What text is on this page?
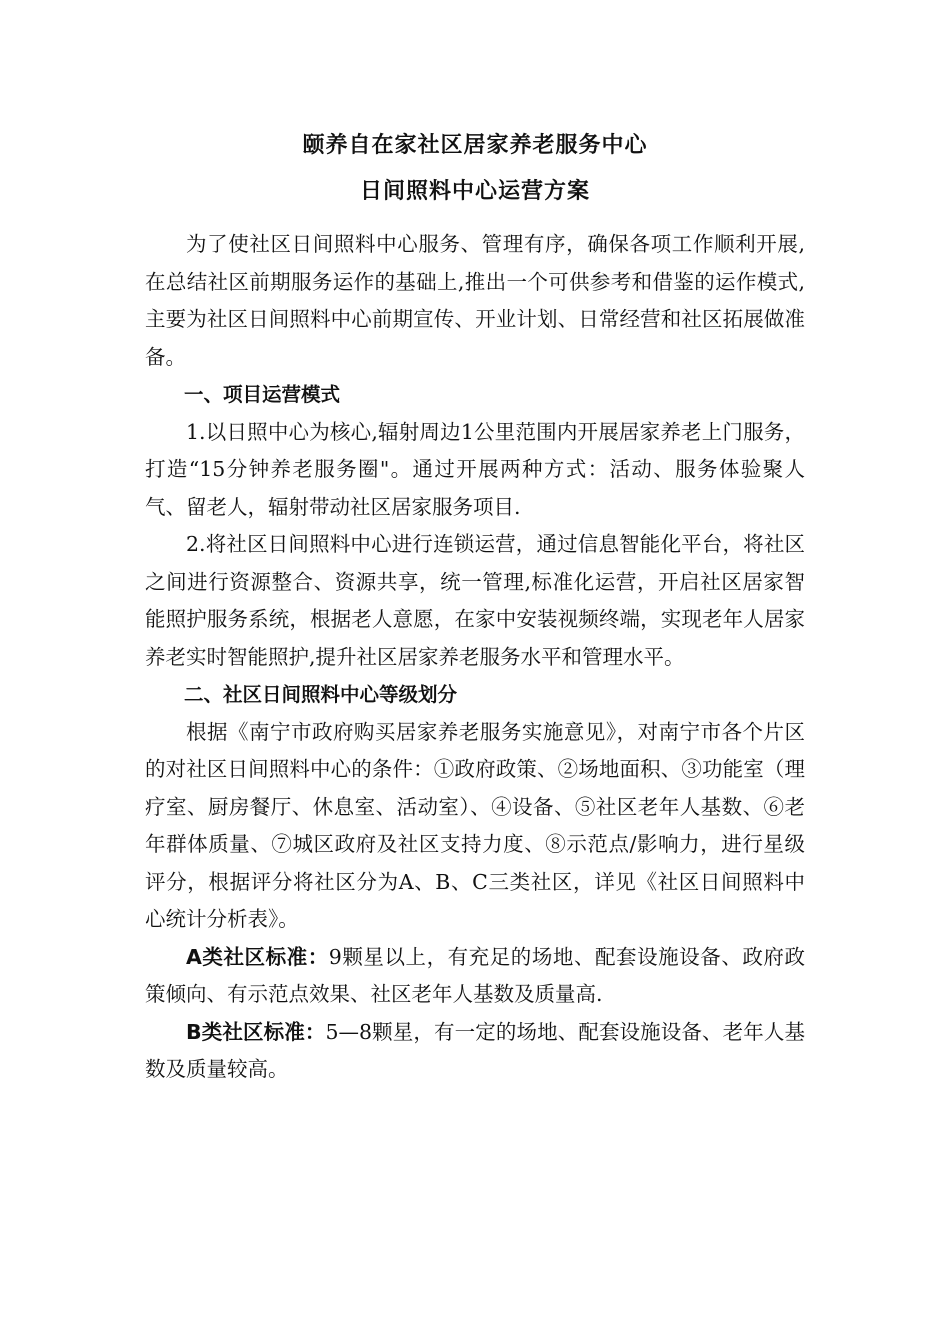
颐养自在家社区居家养老服务中心
日间照料中心运营方案

为了使社区日间照料中心服务、管理有序，确保各项工作顺利开展,在总结社区前期服务运作的基础上,推出一个可供参考和借鉴的运作模式,主要为社区日间照料中心前期宣传、开业计划、日常经营和社区拓展做准备。

一、项目运营模式

1.以日照中心为核心,辐射周边1公里范围内开展居家养老上门服务，打造“15分钟养老服务圈"。通过开展两种方式：活动、服务体验聚人气、留老人，辐射带动社区居家服务项目.

2.将社区日间照料中心进行连锁运营，通过信息智能化平台，将社区之间进行资源整合、资源共享，统一管理,标准化运营，开启社区居家智能照护服务系统，根据老人意愿，在家中安装视频终端，实现老年人居家养老实时智能照护,提升社区居家养老服务水平和管理水平。

二、社区日间照料中心等级划分

根据《南宁市政府购买居家养老服务实施意见》，对南宁市各个片区的对社区日间照料中心的条件：①政府政策、②场地面积、③功能室（理疗室、厨房餐厅、休息室、活动室）、④设备、⑤社区老年人基数、⑥老年群体质量、⑦城区政府及社区支持力度、⑧示范点/影响力，进行星级评分，根据评分将社区分为A、B、C三类社区，详见《社区日间照料中心统计分析表》。

A类社区标准：9颗星以上，有充足的场地、配套设施设备、政府政策倾向、有示范点效果、社区老年人基数及质量高.

B类社区标准：5—8颗星，有一定的场地、配套设施设备、老年人基数及质量较高。
